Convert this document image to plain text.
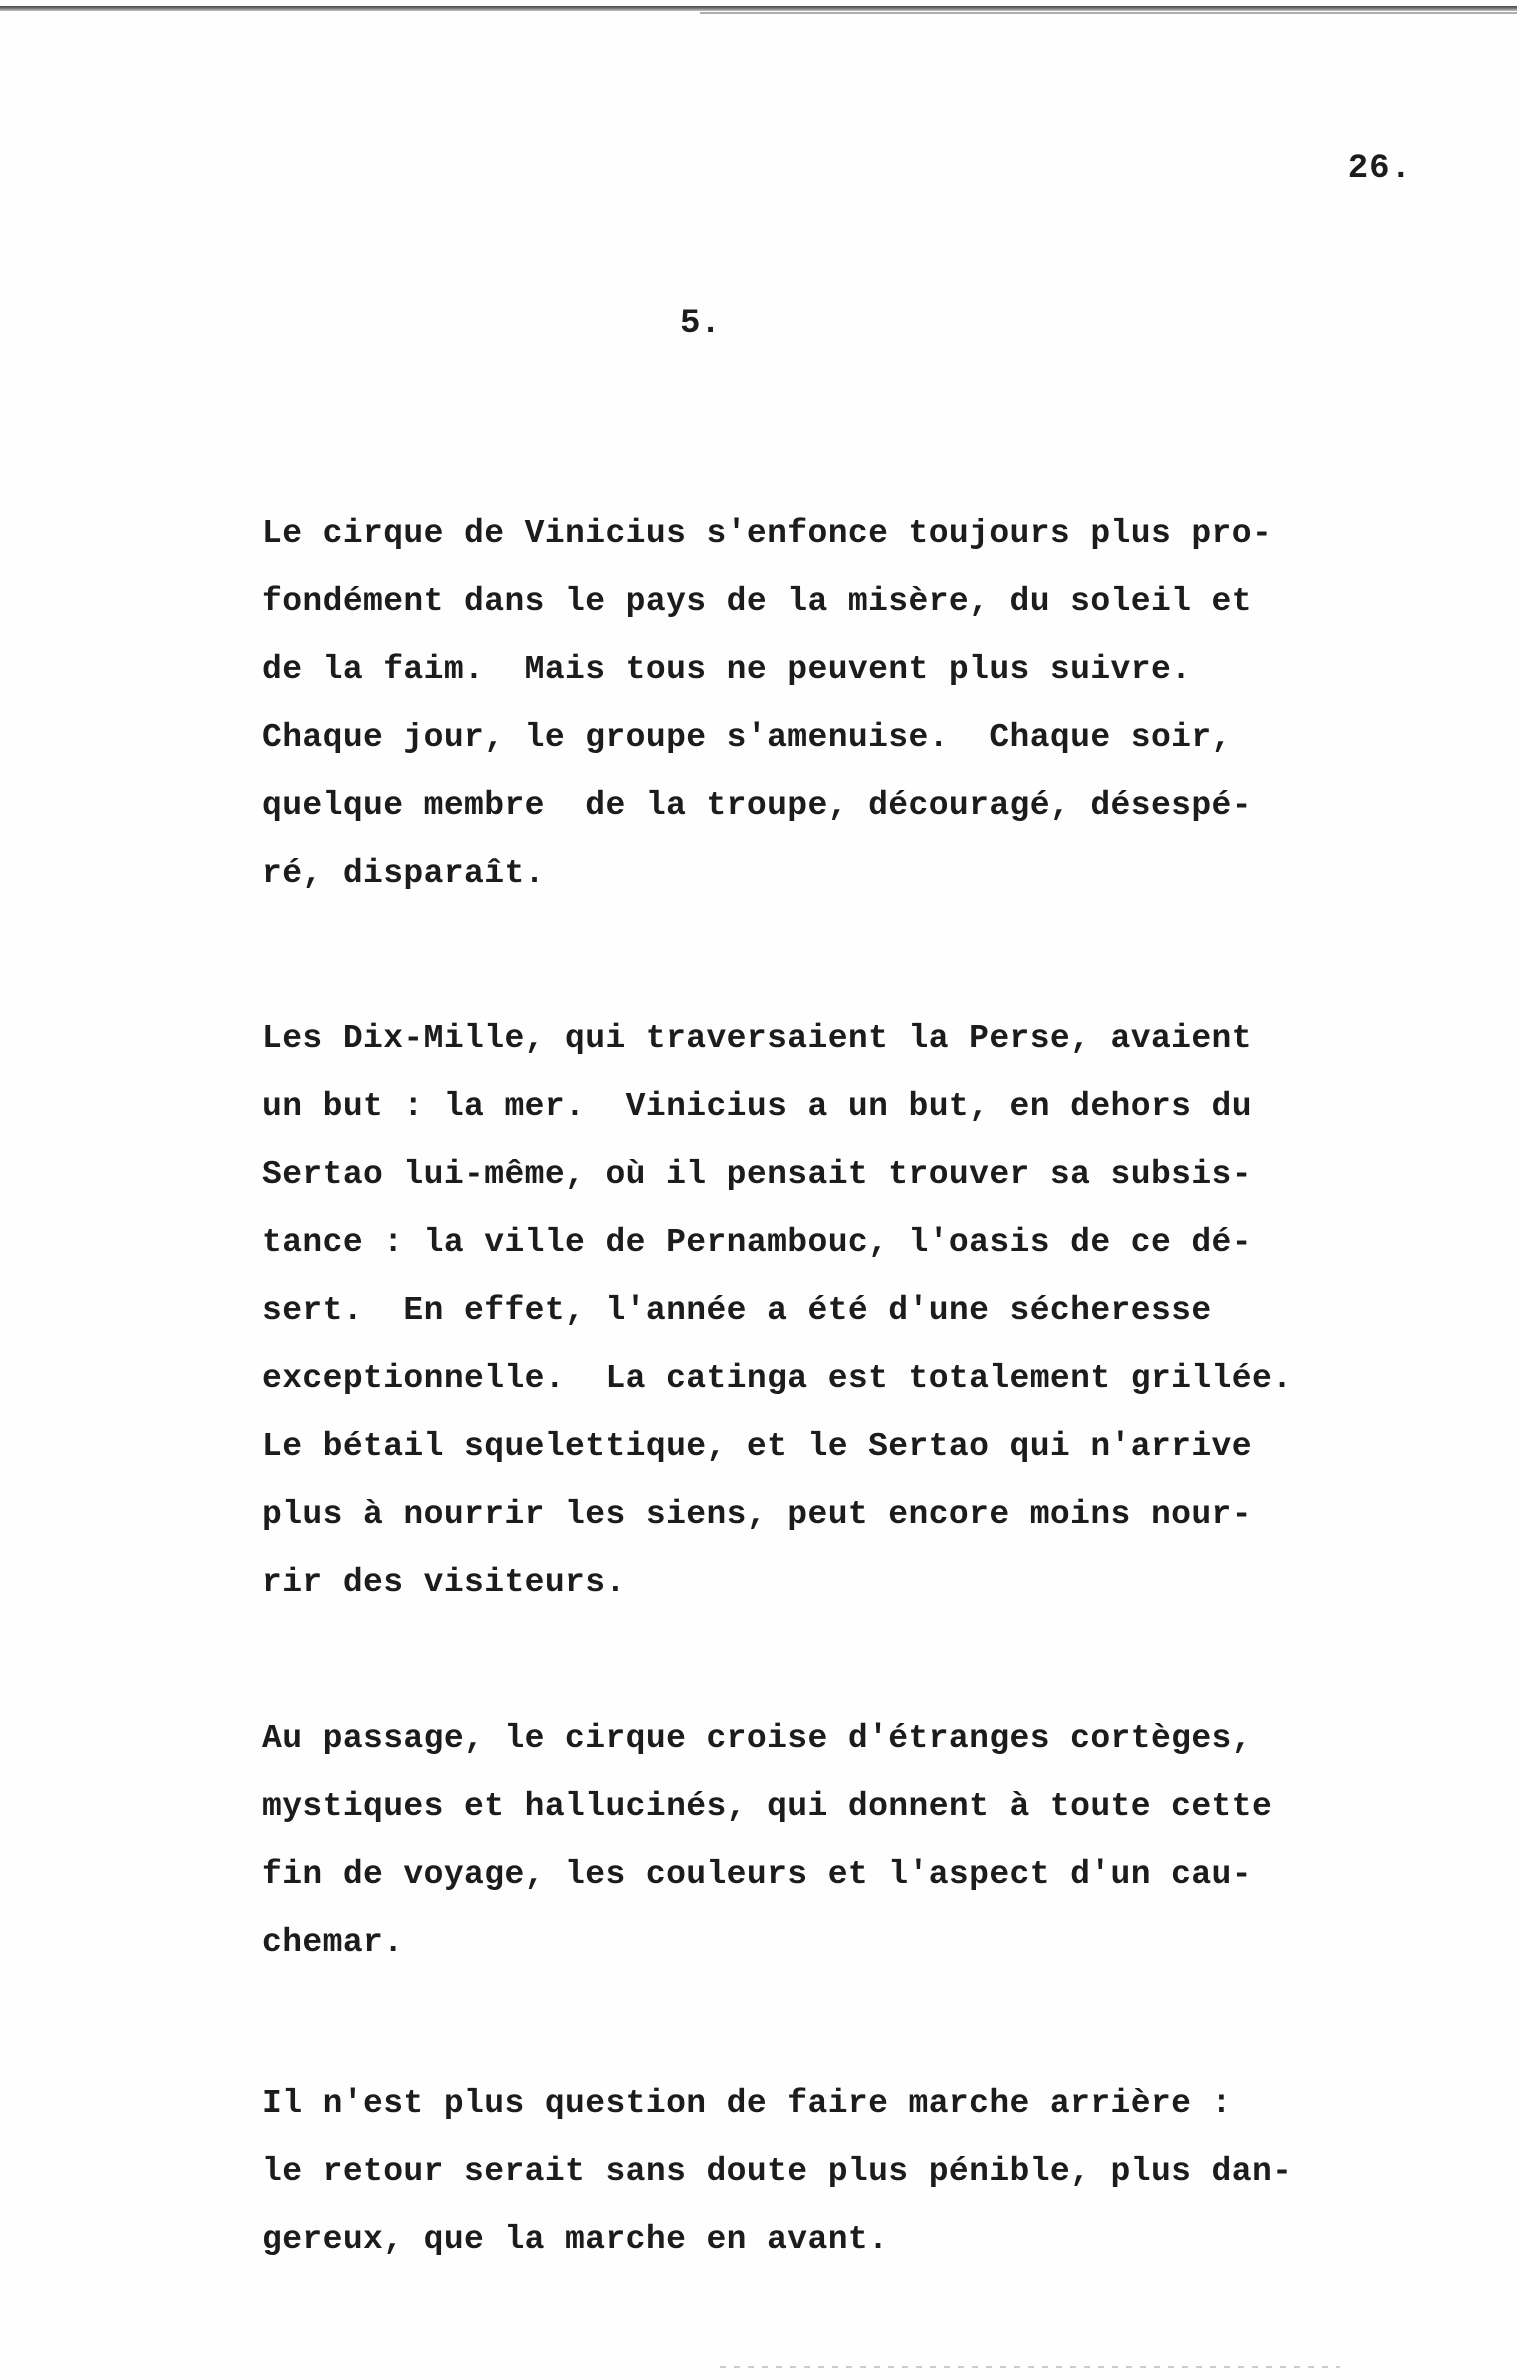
26.
5.
Le cirque de Vinicius s'enfonce toujours plus pro-
fondément dans le pays de la misère, du soleil et
de la faim.  Mais tous ne peuvent plus suivre.
Chaque jour, le groupe s'amenuise.  Chaque soir,
quelque membre  de la troupe, découragé, désespé-
ré, disparaît.
Les Dix-Mille, qui traversaient la Perse, avaient
un but : la mer.  Vinicius a un but, en dehors du
Sertao lui-même, où il pensait trouver sa subsis-
tance : la ville de Pernambouc, l'oasis de ce dé-
sert.  En effet, l'année a été d'une sécheresse
exceptionnelle.  La catinga est totalement grillée.
Le bétail squelettique, et le Sertao qui n'arrive
plus à nourrir les siens, peut encore moins nour-
rir des visiteurs.
Au passage, le cirque croise d'étranges cortèges,
mystiques et hallucinés, qui donnent à toute cette
fin de voyage, les couleurs et l'aspect d'un cau-
chemar.
Il n'est plus question de faire marche arrière :
le retour serait sans doute plus pénible, plus dan-
gereux, que la marche en avant.
